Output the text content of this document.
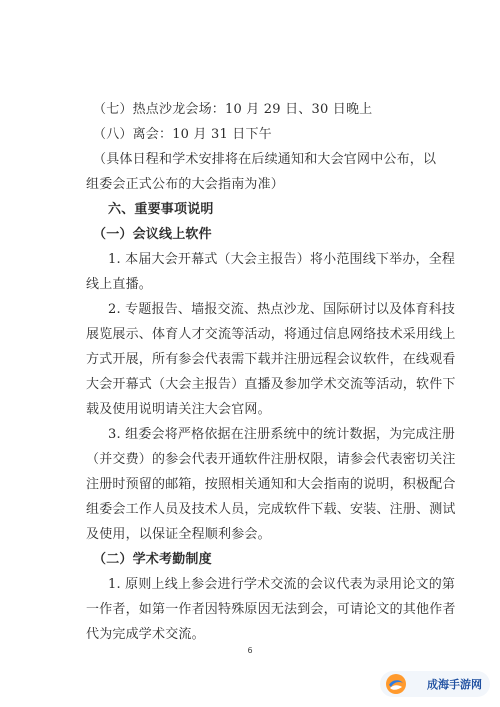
（七）热点沙龙会场：10 月 29 日、30 日晚上
（八）离会：10 月 31 日下午
（具体日程和学术安排将在后续通知和大会官网中公布，以
组委会正式公布的大会指南为准）
六、重要事项说明
（一）会议线上软件
1. 本届大会开幕式（大会主报告）将小范围线下举办，全程
线上直播。
2. 专题报告、墙报交流、热点沙龙、国际研讨以及体育科技
展览展示、体育人才交流等活动，将通过信息网络技术采用线上
方式开展，所有参会代表需下载并注册远程会议软件，在线观看
大会开幕式（大会主报告）直播及参加学术交流等活动，软件下
载及使用说明请关注大会官网。
3. 组委会将严格依据在注册系统中的统计数据，为完成注册
（并交费）的参会代表开通软件注册权限，请参会代表密切关注
注册时预留的邮箱，按照相关通知和大会指南的说明，积极配合
组委会工作人员及技术人员，完成软件下载、安装、注册、测试
及使用，以保证全程顺利参会。
（二）学术考勤制度
1. 原则上线上参会进行学术交流的会议代表为录用论文的第
一作者，如第一作者因特殊原因无法到会，可请论文的其他作者
代为完成学术交流。
6
成海手游网
